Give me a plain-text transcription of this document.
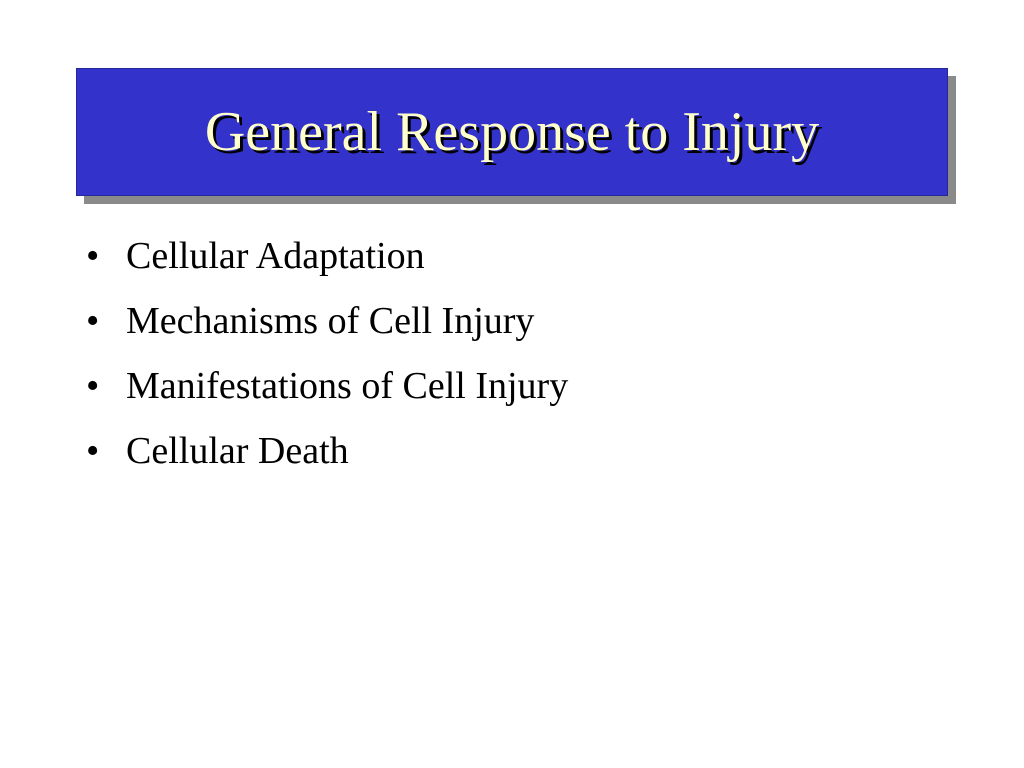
General Response to Injury
• Cellular Adaptation
• Mechanisms of Cell Injury
• Manifestations of Cell Injury
• Cellular Death
